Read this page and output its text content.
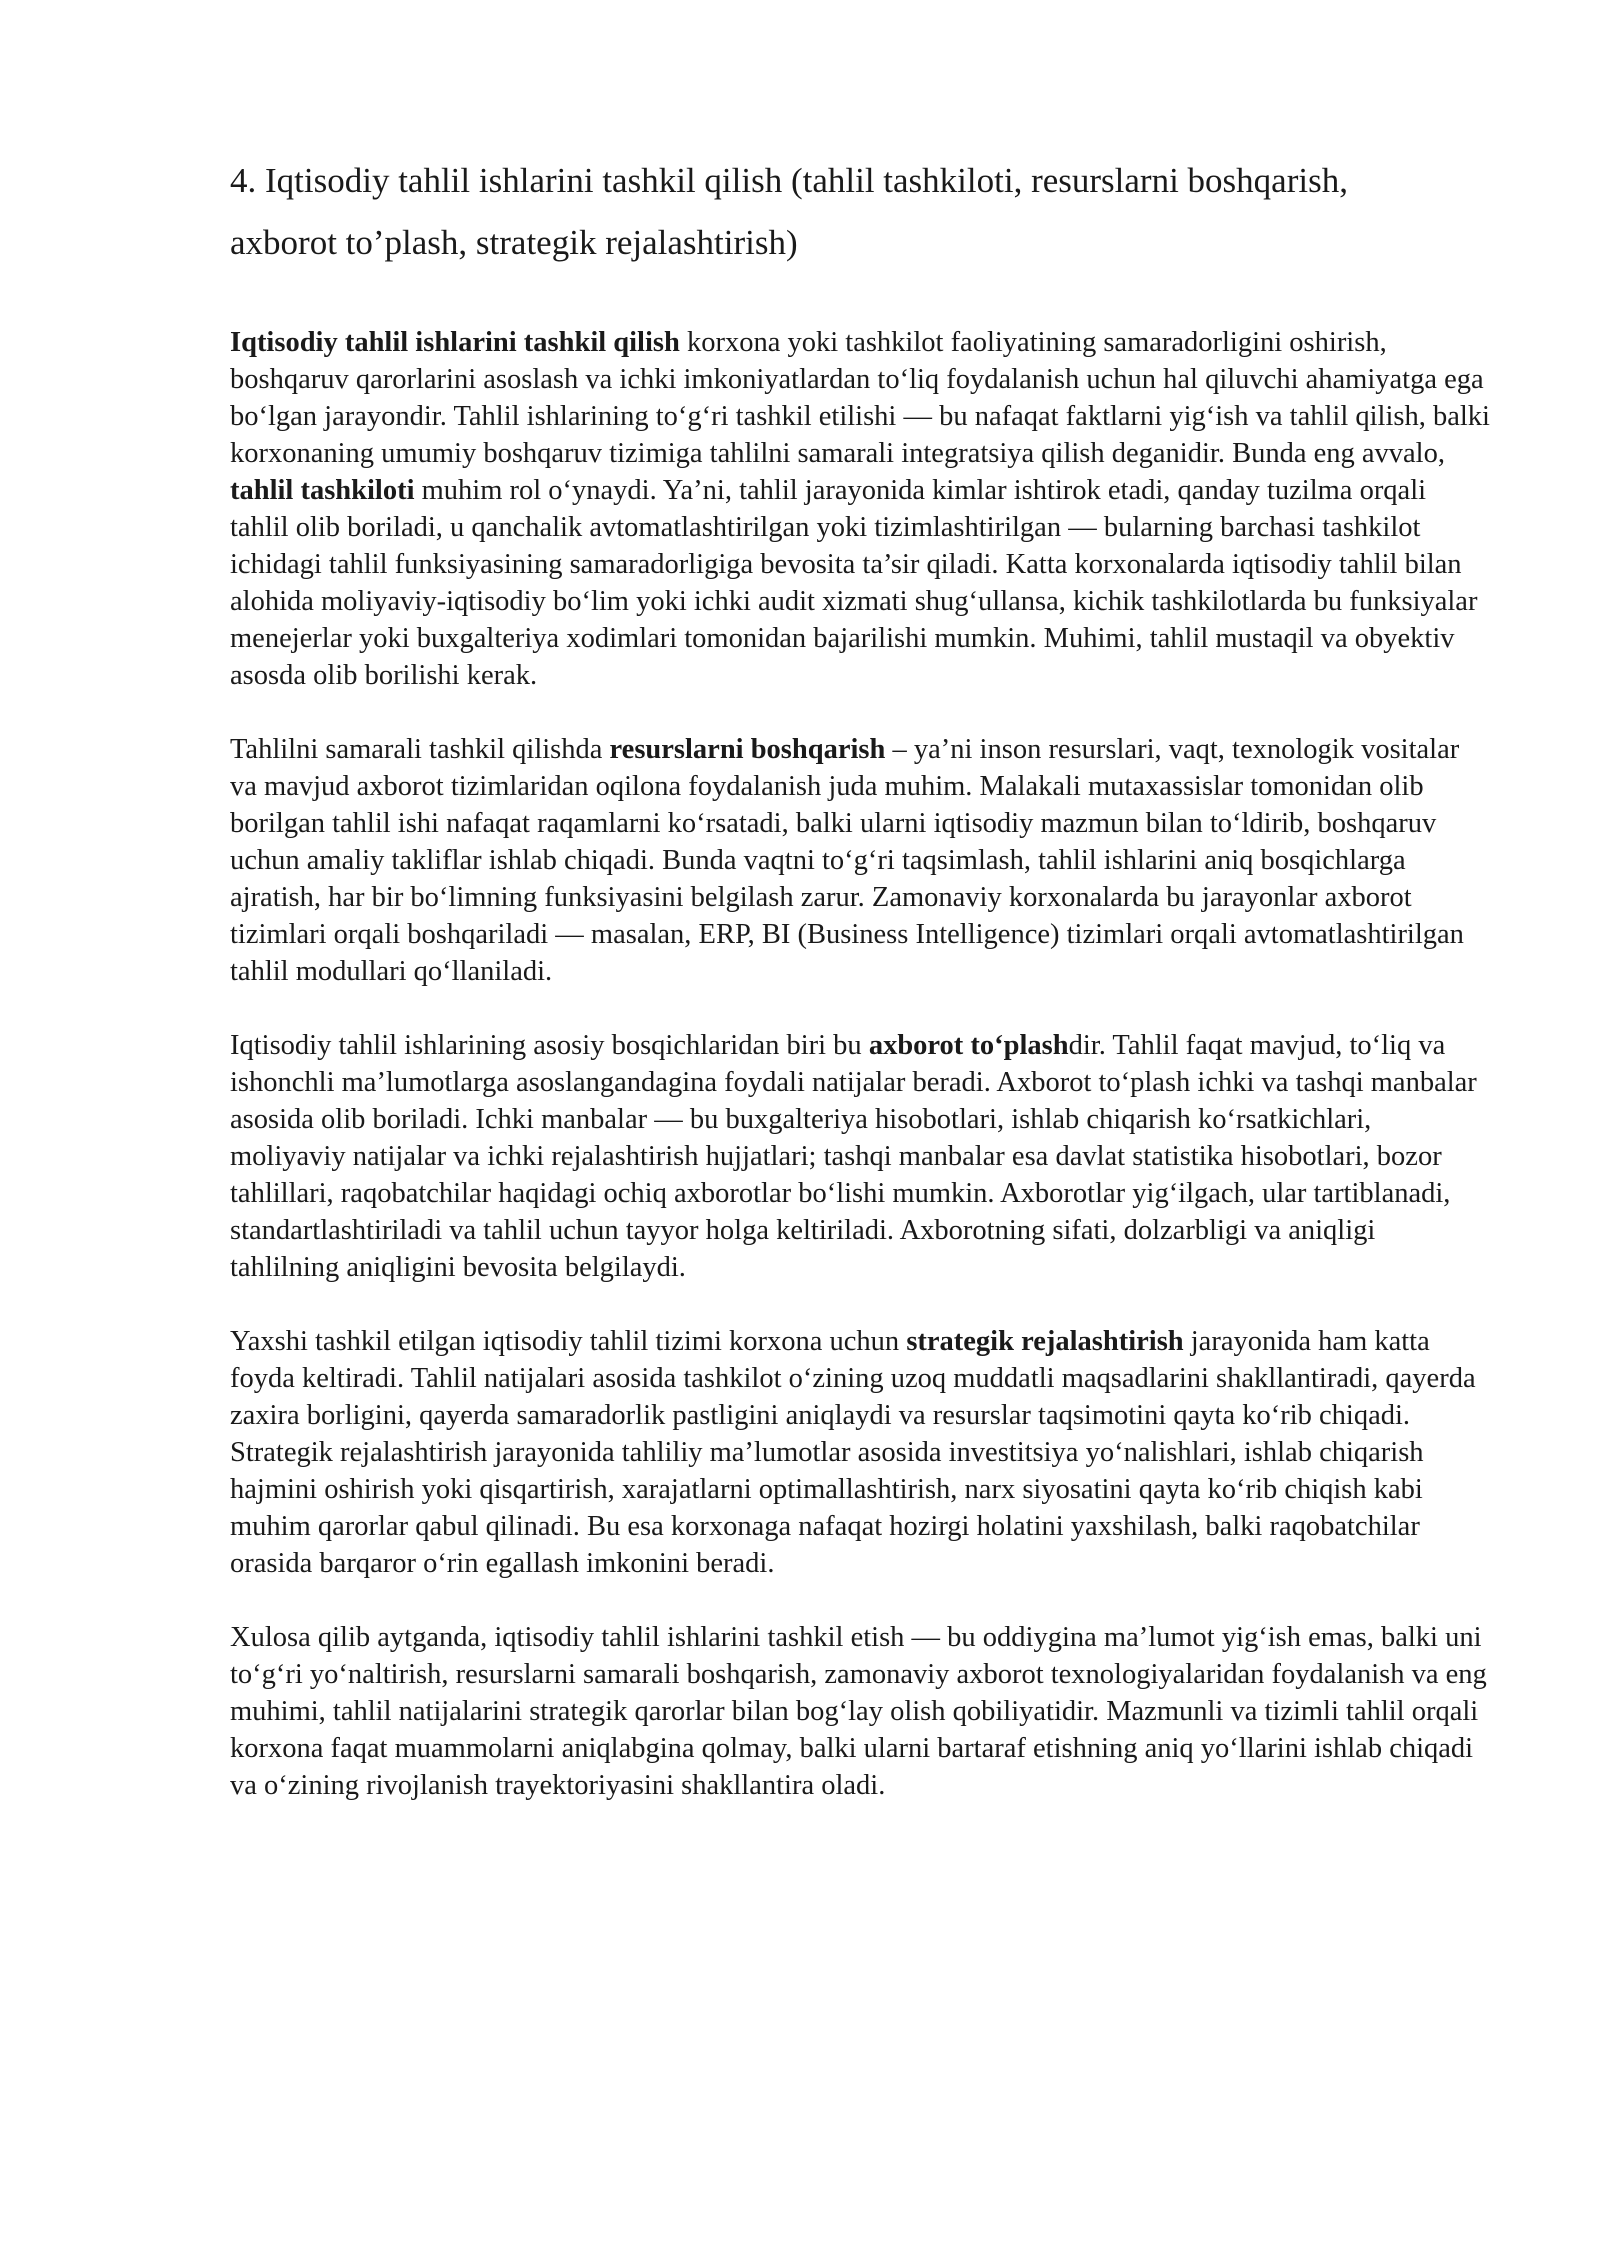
4. Iqtisodiy tahlil ishlarini tashkil qilish (tahlil tashkiloti, resurslarni boshqarish,
axborot to’plash, strategik rejalashtirish)

Iqtisodiy tahlil ishlarini tashkil qilish korxona yoki tashkilot faoliyatining samaradorligini oshirish, boshqaruv qarorlarini asoslash va ichki imkoniyatlardan to‘liq foydalanish uchun hal qiluvchi ahamiyatga ega bo‘lgan jarayondir. Tahlil ishlarining to‘g‘ri tashkil etilishi — bu nafaqat faktlarni yig‘ish va tahlil qilish, balki korxonaning umumiy boshqaruv tizimiga tahlilni samarali integratsiya qilish deganidir. Bunda eng avvalo, tahlil tashkiloti muhim rol o‘ynaydi. Ya’ni, tahlil jarayonida kimlar ishtirok etadi, qanday tuzilma orqali tahlil olib boriladi, u qanchalik avtomatlashtirilgan yoki tizimlashtirilgan — bularning barchasi tashkilot ichidagi tahlil funksiyasining samaradorligiga bevosita ta’sir qiladi. Katta korxonalarda iqtisodiy tahlil bilan alohida moliyaviy-iqtisodiy bo‘lim yoki ichki audit xizmati shug‘ullansa, kichik tashkilotlarda bu funksiyalar menejerlar yoki buxgalteriya xodimlari tomonidan bajarilishi mumkin. Muhimi, tahlil mustaqil va obyektiv asosda olib borilishi kerak.

Tahlilni samarali tashkil qilishda resurslarni boshqarish – ya’ni inson resurslari, vaqt, texnologik vositalar va mavjud axborot tizimlaridan oqilona foydalanish juda muhim. Malakali mutaxassislar tomonidan olib borilgan tahlil ishi nafaqat raqamlarni ko‘rsatadi, balki ularni iqtisodiy mazmun bilan to‘ldirib, boshqaruv uchun amaliy takliflar ishlab chiqadi. Bunda vaqtni to‘g‘ri taqsimlash, tahlil ishlarini aniq bosqichlarga ajratish, har bir bo‘limning funksiyasini belgilash zarur. Zamonaviy korxonalarda bu jarayonlar axborot tizimlari orqali boshqariladi — masalan, ERP, BI (Business Intelligence) tizimlari orqali avtomatlashtirilgan tahlil modullari qo‘llaniladi.

Iqtisodiy tahlil ishlarining asosiy bosqichlaridan biri bu axborot to‘plashdir. Tahlil faqat mavjud, to‘liq va ishonchli ma’lumotlarga asoslangandagina foydali natijalar beradi. Axborot to‘plash ichki va tashqi manbalar asosida olib boriladi. Ichki manbalar — bu buxgalteriya hisobotlari, ishlab chiqarish ko‘rsatkichlari, moliyaviy natijalar va ichki rejalashtirish hujjatlari; tashqi manbalar esa davlat statistika hisobotlari, bozor tahlillari, raqobatchilar haqidagi ochiq axborotlar bo‘lishi mumkin. Axborotlar yig‘ilgach, ular tartiblanadi, standartlashtiriladi va tahlil uchun tayyor holga keltiriladi. Axborotning sifati, dolzarbligi va aniqligi tahlilning aniqligini bevosita belgilaydi.

Yaxshi tashkil etilgan iqtisodiy tahlil tizimi korxona uchun strategik rejalashtirish jarayonida ham katta foyda keltiradi. Tahlil natijalari asosida tashkilot o‘zining uzoq muddatli maqsadlarini shakllantiradi, qayerda zaxira borligini, qayerda samaradorlik pastligini aniqlaydi va resurslar taqsimotini qayta ko‘rib chiqadi. Strategik rejalashtirish jarayonida tahliliy ma’lumotlar asosida investitsiya yo‘nalishlari, ishlab chiqarish hajmini oshirish yoki qisqartirish, xarajatlarni optimallashtirish, narx siyosatini qayta ko‘rib chiqish kabi muhim qarorlar qabul qilinadi. Bu esa korxonaga nafaqat hozirgi holatini yaxshilash, balki raqobatchilar orasida barqaror o‘rin egallash imkonini beradi.

Xulosa qilib aytganda, iqtisodiy tahlil ishlarini tashkil etish — bu oddiygina ma’lumot yig‘ish emas, balki uni to‘g‘ri yo‘naltirish, resurslarni samarali boshqarish, zamonaviy axborot texnologiyalaridan foydalanish va eng muhimi, tahlil natijalarini strategik qarorlar bilan bog‘lay olish qobiliyatidir. Mazmunli va tizimli tahlil orqali korxona faqat muammolarni aniqlabgina qolmay, balki ularni bartaraf etishning aniq yo‘llarini ishlab chiqadi va o‘zining rivojlanish trayektoriyasini shakllantira oladi.
